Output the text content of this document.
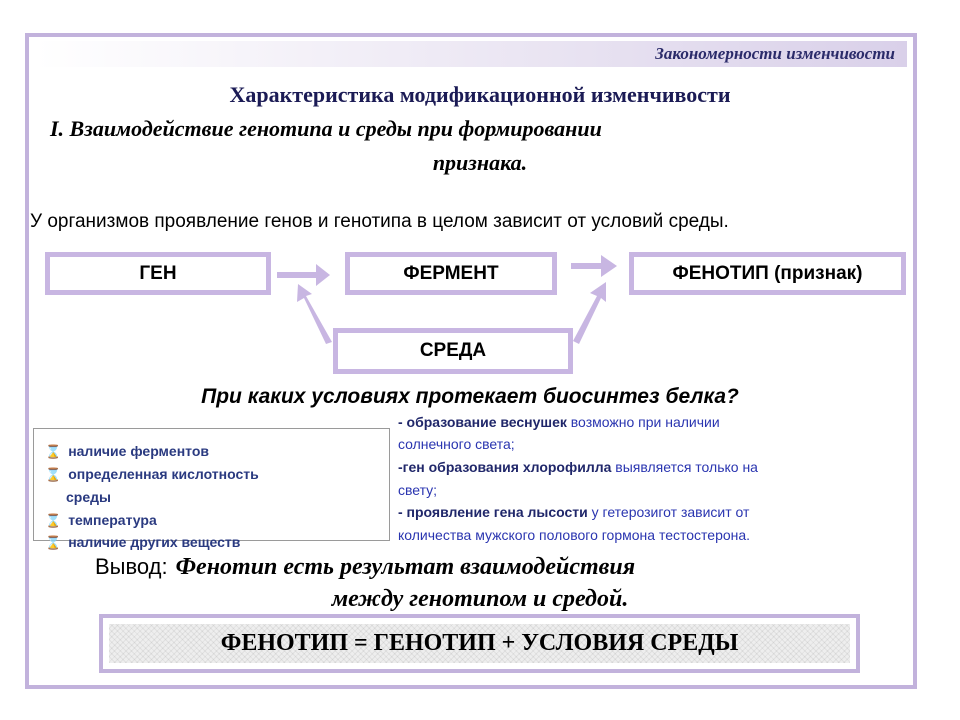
Закономерности изменчивости
Характеристика модификационной изменчивости
I. Взаимодействие генотипа и среды при формировании
признака.
У организмов проявление генов и генотипа в целом зависит от условий среды.
ГЕН	ФЕРМЕНТ	ФЕНОТИП (признак)
СРЕДА
При каких условиях протекает биосинтез белка?
⌛ наличие ферментов
⌛ определенная кислотность
среды
⌛ температура
⌛ наличие других веществ
- образование веснушек возможно при наличии
солнечного света;
-ген образования хлорофилла выявляется только на
свету;
- проявление гена лысости у гетерозигот зависит от
количества мужского полового гормона тестостерона.
Вывод: Фенотип есть результат взаимодействия
между генотипом и средой.
ФЕНОТИП = ГЕНОТИП + УСЛОВИЯ СРЕДЫ
